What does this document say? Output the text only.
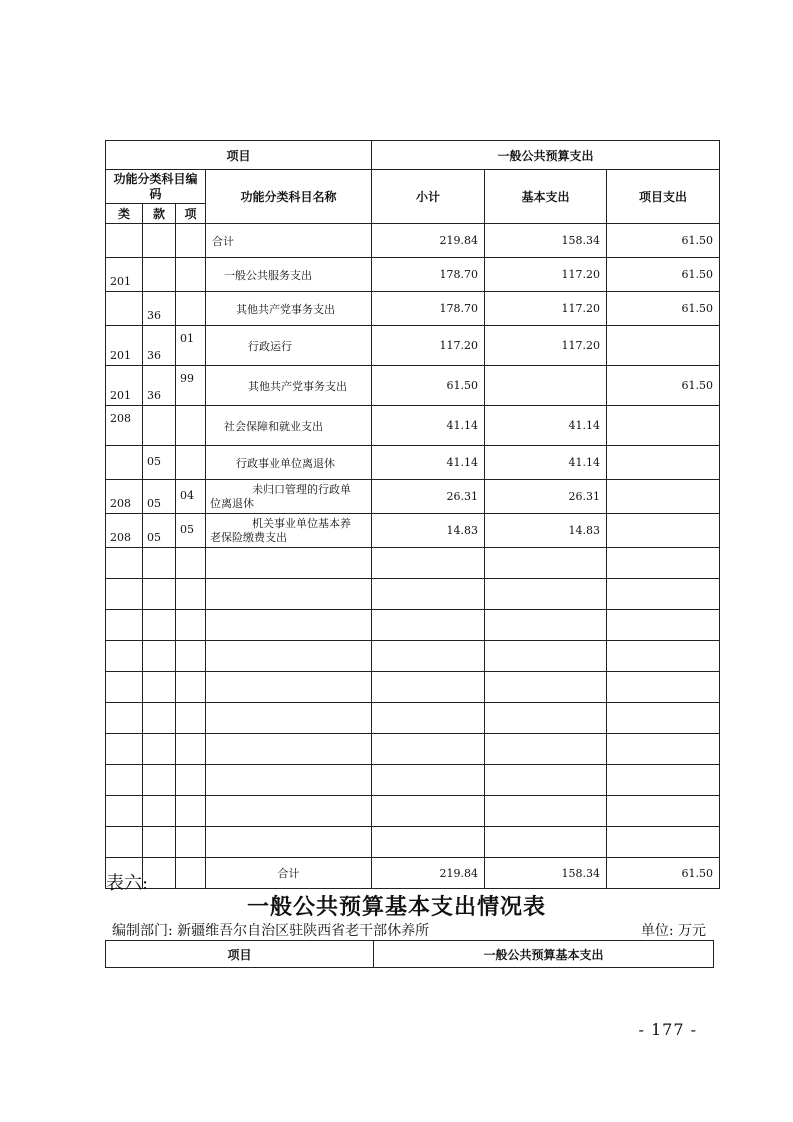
项目				一般公共预算支出		
功能分类科目编码			功能分类科目名称	小计	基本支出	项目支出
类	款	项				
			合计	219.84	158.34	61.50
201			一般公共服务支出	178.70	117.20	61.50
	36		其他共产党事务支出	178.70	117.20	61.50
201	36	01	行政运行	117.20	117.20	
201	36	99	其他共产党事务支出	61.50		61.50
208			社会保障和就业支出	41.14	41.14	
	05		行政事业单位离退休	41.14	41.14	
208	05	04	未归口管理的行政单
位离退休	26.31	26.31	
208	05	05	机关事业单位基本养
老保险缴费支出	14.83	14.83	

			合计	219.84	158.34	61.50
表六:
一般公共预算基本支出情况表
编制部门: 新疆维吾尔自治区驻陕西省老干部休养所	单位: 万元
项目	一般公共预算基本支出
- 177 -
